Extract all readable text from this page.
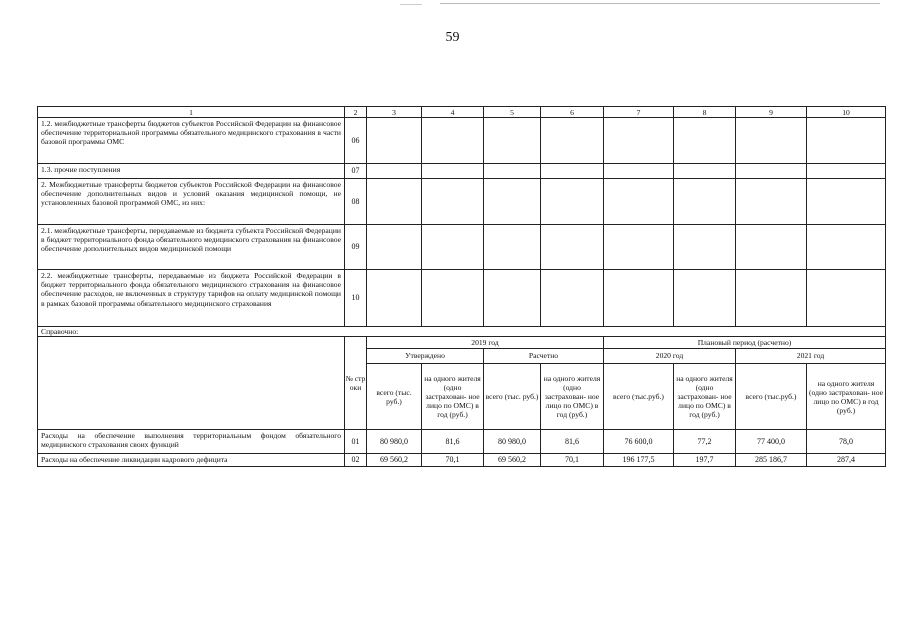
59
1	2	3	4	5	6	7	8	9	10
1.2. межбюджетные трансферты бюджетов субъектов Российской Федерации на финансовое обеспечение территориальной программы обязательного медицинского страхования в части базовой программы ОМС	06								
1.3. прочие поступления	07								
2. Межбюджетные трансферты бюджетов субъектов Российской Федерации на финансовое обеспечение дополнительных видов и условий оказания медицинской помощи, не установленных базовой программой ОМС, из них:	08								
2.1. межбюджетные трансферты, передаваемые из бюджета субъекта Российской Федерации в бюджет территориального фонда обязательного медицинского страхования на финансовое обеспечение дополнительных видов медицинской помощи	09								
2.2. межбюджетные трансферты, передаваемые из бюджета Российской Федерации в бюджет территориального фонда обязательного медицинского страхования на финансовое обеспечение расходов, не включенных в структуру тарифов на оплату медицинской помощи в рамках базовой программы обязательного медицинского страхования	10								
Справочно:									
	№ стр оки	2019 год				Плановый период (расчетно)			
		Утверждено		Расчетно		2020 год		2021 год	
		всего (тыс. руб.)	на одного жителя (одно застрахован- ное лицо по ОМС) в год (руб.)	всего (тыс. руб.)	на одного жителя (одно застрахован- ное лицо по ОМС) в год (руб.)	всего (тыс.руб.)	на одного жителя (одно застрахован- ное лицо по ОМС) в год (руб.)	всего (тыс.руб.)	на одного жителя (одно застрахован- ное лицо по ОМС) в год (руб.)
Расходы на обеспечение выполнения территориальным фондом обязательного медицинского страхования своих функций	01	80 980,0	81,6	80 980,0	81,6	76 600,0	77,2	77 400,0	78,0
Расходы на обеспечение ликвидации кадрового дефицита	02	69 560,2	70,1	69 560,2	70,1	196 177,5	197,7	285 186,7	287,4
